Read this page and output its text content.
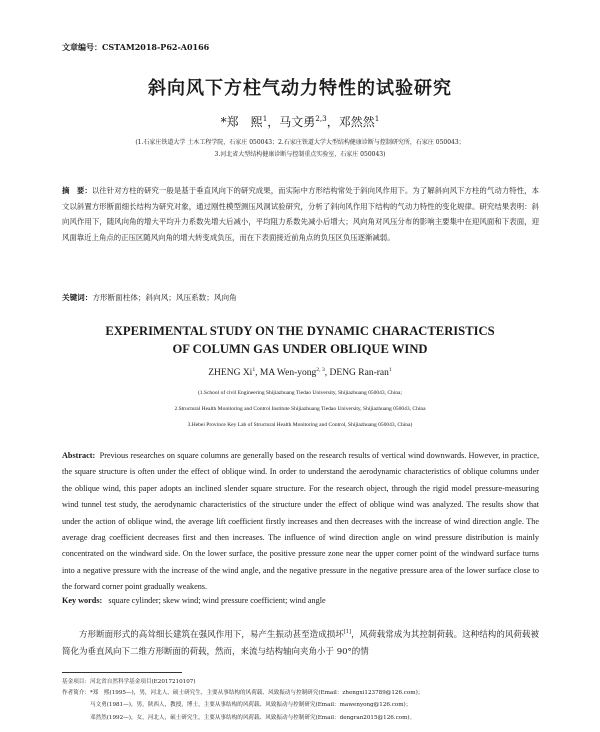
文章编号：CSTAM2018-P62-A0166
斜向风下方柱气动力特性的试验研究
*郑　熙$^1$，马文勇$^{2,3}$，邓然然$^1$
(1.石家庄铁道大学 土木工程学院，石家庄 050043；2.石家庄铁道大学大型结构健康诊断与控制研究所，石家庄 050043；
3.河北省大型结构健康诊断与控制重点实验室，石家庄 050043)
摘　要：以往针对方柱的研究一般是基于垂直风向下的研究成果，而实际中方形结构常处于斜向风作用下。为了解斜向风下方柱的气动力特性，本文以斜置方形断面细长结构为研究对象，通过刚性模型测压风洞试验研究，分析了斜向风作用下结构的气动力特性的变化规律。研究结果表明：斜向风作用下，随风向角的增大平均升力系数先增大后减小，平均阻力系数先减小后增大；风向角对风压分布的影响主要集中在迎风面和下表面，迎风面靠近上角点的正压区随风向角的增大转变成负压，而在下表面接近前角点的负压区负压逐渐减弱。
关键词：方形断面柱体；斜向风；风压系数；风向角
EXPERIMENTAL STUDY ON THE DYNAMIC CHARACTERISTICS
OF COLUMN GAS UNDER OBLIQUE WIND
ZHENG Xi$^1$, MA Wen-yong$^{2, 3}$, DENG Ran-ran$^1$
(1.School of civil Engineering Shijiazhuang Tiedao University, Shijiazhuang 050043, China;
2.Structural Health Monitoring and Control Institute Shijiazhuang Tiedao University, Shijiazhuang 050043, China
3.Hebei Province Key Lab of Structural Health Monitoring and Control, Shijiazhuang 050043, China)
Abstract: Previous researches on square columns are generally based on the research results of vertical wind downwards. However, in practice, the square structure is often under the effect of oblique wind. In order to understand the aerodynamic characteristics of oblique columns under the oblique wind, this paper adopts an inclined slender square structure. For the research object, through the rigid model pressure-measuring wind tunnel test study, the aerodynamic characteristics of the structure under the effect of oblique wind was analyzed. The results show that under the action of oblique wind, the average lift coefficient firstly increases and then decreases with the increase of wind direction angle. The average drag coefficient decreases first and then increases. The influence of wind direction angle on wind pressure distribution is mainly concentrated on the windward side. On the lower surface, the positive pressure zone near the upper corner point of the windward surface turns into a negative pressure with the increase of the wind angle, and the negative pressure in the negative pressure area of the lower surface close to the forward corner point gradually weakens.
Key words: square cylinder; skew wind; wind pressure coefficient; wind angle
方形断面形式的高耸细长建筑在强风作用下，易产生振动甚至造成损坏[1]，风荷载常成为其控制荷载。这种结构的风荷载被简化为垂直风向下二维方形断面的荷载，然而，来流与结构轴向夹角小于 90°的情
基金项目：河北省自然科学基金项目(E2017210107)
作者简介：*郑　熙(1995—)，男，河北人，硕士研究生，主要从事结构的风荷载、风致振动与控制研究(Email：zhengxi123789@126.com)；
　　　　　马文勇(1981—)，男，陕西人，教授，博士，主要从事结构的风荷载、风致振动与控制研究(Email：mawenyong@126.com)；
　　　　　邓然然(1992—)，女，河北人，硕士研究生，主要从事结构的风荷载、风致振动与控制研究(Email：dengran2015@126.com)。
